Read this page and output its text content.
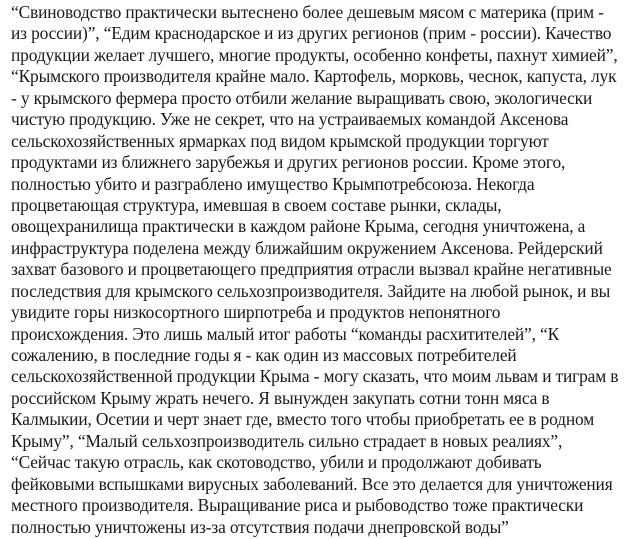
“Свиноводство практически вытеснено более дешевым мясом с материка (прим -
из россии)”, “Едим краснодарское и из других регионов (прим - россии). Качество
продукции желает лучшего, многие продукты, особенно конфеты, пахнут химией”,
“Крымского производителя крайне мало. Картофель, морковь, чеснок, капуста, лук
- у крымского фермера просто отбили желание выращивать свою, экологически
чистую продукцию. Уже не секрет, что на устраиваемых командой Аксенова
сельскохозяйственных ярмарках под видом крымской продукции торгуют
продуктами из ближнего зарубежья и других регионов россии. Кроме этого,
полностью убито и разграблено имущество Крымпотребсоюза. Некогда
процветающая структура, имевшая в своем составе рынки, склады,
овощехранилища практически в каждом районе Крыма, сегодня уничтожена, а
инфраструктура поделена между ближайшим окружением Аксенова. Рейдерский
захват базового и процветающего предприятия отрасли вызвал крайне негативные
последствия для крымского сельхозпроизводителя. Зайдите на любой рынок, и вы
увидите горы низкосортного ширпотреба и продуктов непонятного
происхождения. Это лишь малый итог работы “команды расхитителей”, “К
сожалению, в последние годы я - как один из массовых потребителей
сельскохозяйственной продукции Крыма - могу сказать, что моим львам и тиграм в
российском Крыму жрать нечего. Я вынужден закупать сотни тонн мяса в
Калмыкии, Осетии и черт знает где, вместо того чтобы приобретать ее в родном
Крыму”, “Малый сельхозпроизводитель сильно страдает в новых реалиях”,
“Сейчас такую отрасль, как скотоводство, убили и продолжают добивать
фейковыми вспышками вирусных заболеваний. Все это делается для уничтожения
местного производителя. Выращивание риса и рыбоводство тоже практически
полностью уничтожены из-за отсутствия подачи днепровской воды”
